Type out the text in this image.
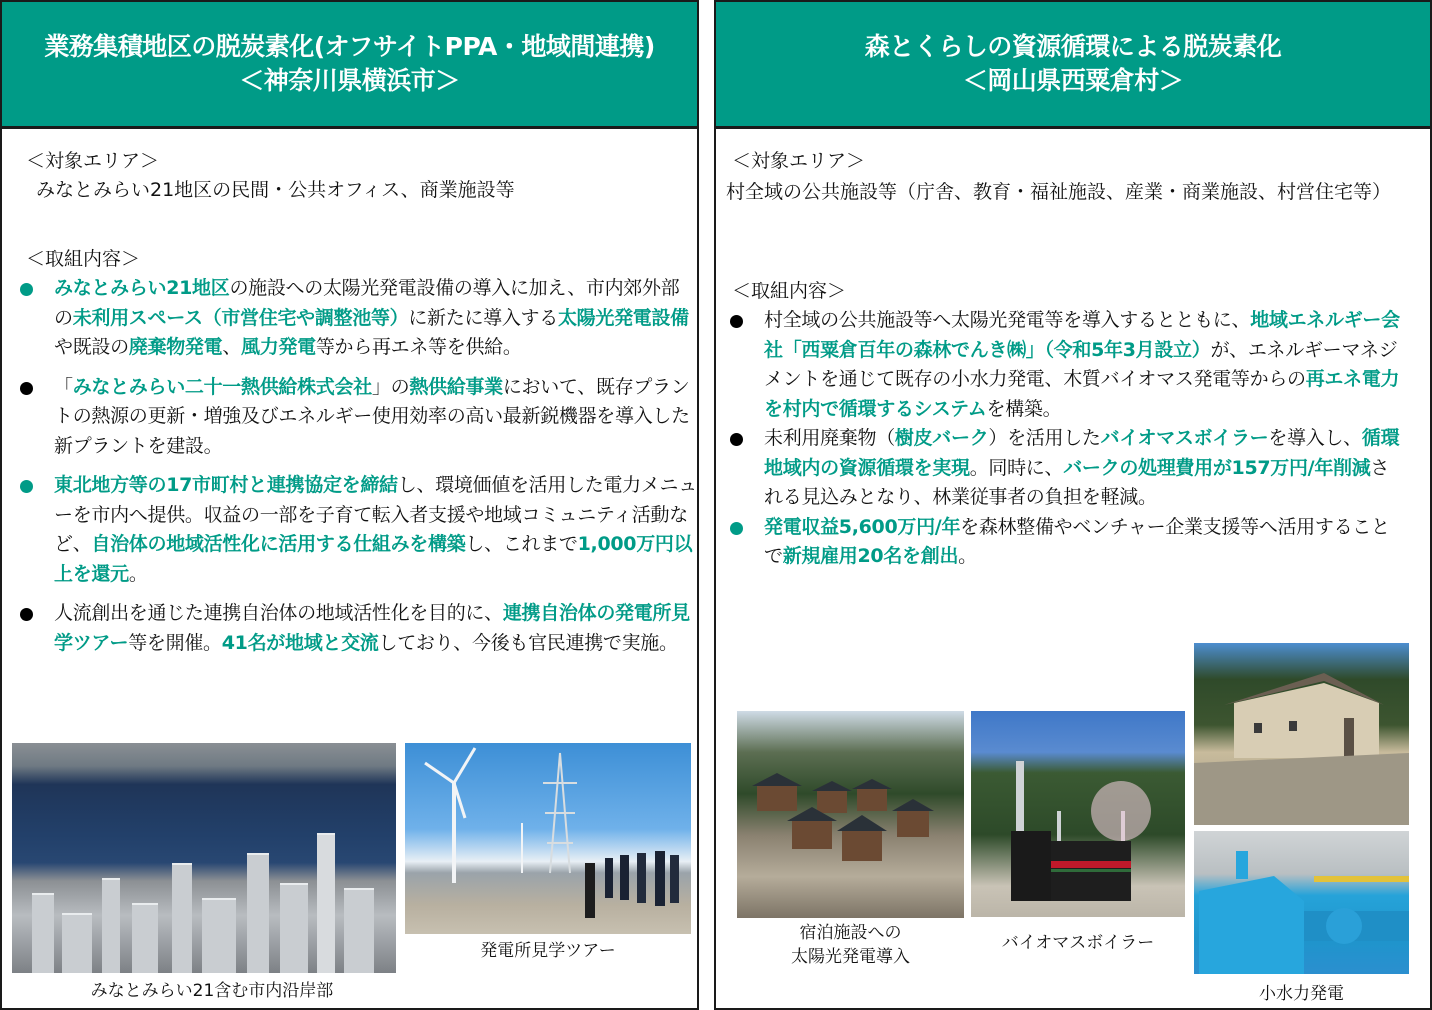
業務集積地区の脱炭素化(オフサイトPPA・地域間連携)
＜神奈川県横浜市＞
＜対象エリア＞
みなとみらい21地区の民間・公共オフィス、商業施設等
＜取組内容＞
みなとみらい21地区の施設への太陽光発電設備の導入に加え、市内郊外部の未利用スペース（市営住宅や調整池等）に新たに導入する太陽光発電設備や既設の廃棄物発電、風力発電等から再エネ等を供給。
「みなとみらい二十一熱供給株式会社」の熱供給事業において、既存プラントの熱源の更新・増強及びエネルギー使用効率の高い最新鋭機器を導入した新プラントを建設。
東北地方等の17市町村と連携協定を締結し、環境価値を活用した電力メニューを市内へ提供。収益の一部を子育て転入者支援や地域コミュニティ活動など、自治体の地域活性化に活用する仕組みを構築し、これまで1,000万円以上を還元。
人流創出を通じた連携自治体の地域活性化を目的に、連携自治体の発電所見学ツアー等を開催。41名が地域と交流しており、今後も官民連携で実施。
みなとみらい21含む市内沿岸部
発電所見学ツアー
森とくらしの資源循環による脱炭素化
＜岡山県西粟倉村＞
＜対象エリア＞
村全域の公共施設等（庁舎、教育・福祉施設、産業・商業施設、村営住宅等）
＜取組内容＞
村全域の公共施設等へ太陽光発電等を導入するとともに、地域エネルギー会社「西粟倉百年の森林でんき㈱」（令和5年3月設立）が、エネルギーマネジメントを通じて既存の小水力発電、木質バイオマス発電等からの再エネ電力を村内で循環するシステムを構築。
未利用廃棄物（樹皮バーク）を活用したバイオマスボイラーを導入し、循環地域内の資源循環を実現。同時に、バークの処理費用が157万円/年削減される見込みとなり、林業従事者の負担を軽減。
発電収益5,600万円/年を森林整備やベンチャー企業支援等へ活用することで新規雇用20名を創出。
宿泊施設への
太陽光発電導入
バイオマスボイラー
小水力発電
